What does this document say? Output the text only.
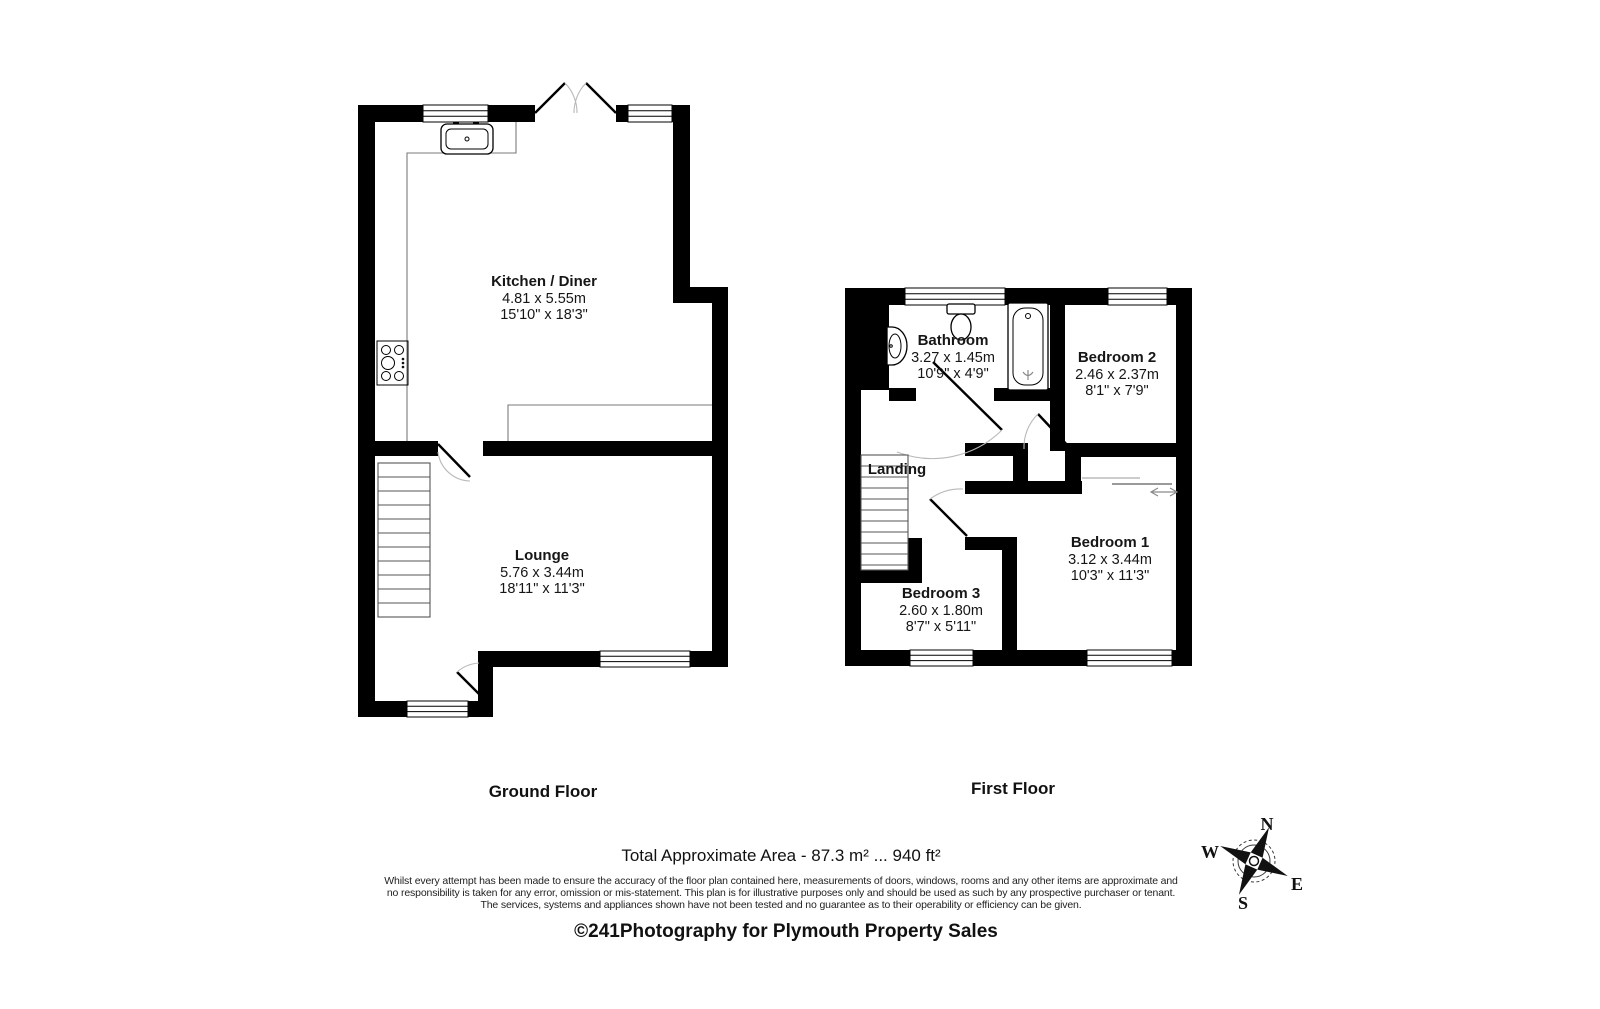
N
W
E
S
Kitchen / Diner
4.81 x 5.55m
15'10" x 18'3"
Lounge
5.76 x 3.44m
18'11" x 11'3"
Bathroom
3.27 x 1.45m
10'9" x 4'9"
Bedroom 2
2.46 x 2.37m
8'1" x 7'9"
Landing
Bedroom 1
3.12 x 3.44m
10'3" x 11'3"
Bedroom 3
2.60 x 1.80m
8'7" x 5'11"
Ground Floor	First Floor
Total Approximate Area - 87.3 m² ... 940 ft²
Whilst every attempt has been made to ensure the accuracy of the floor plan contained here, measurements of doors, windows, rooms and any other items are approximate and
no responsibility is taken for any error, omission or mis-statement. This plan is for illustrative purposes only and should be used as such by any prospective purchaser or tenant.
The services, systems and appliances shown have not been tested and no guarantee as to their operability or efficiency can be given.
©241Photography for Plymouth Property Sales
